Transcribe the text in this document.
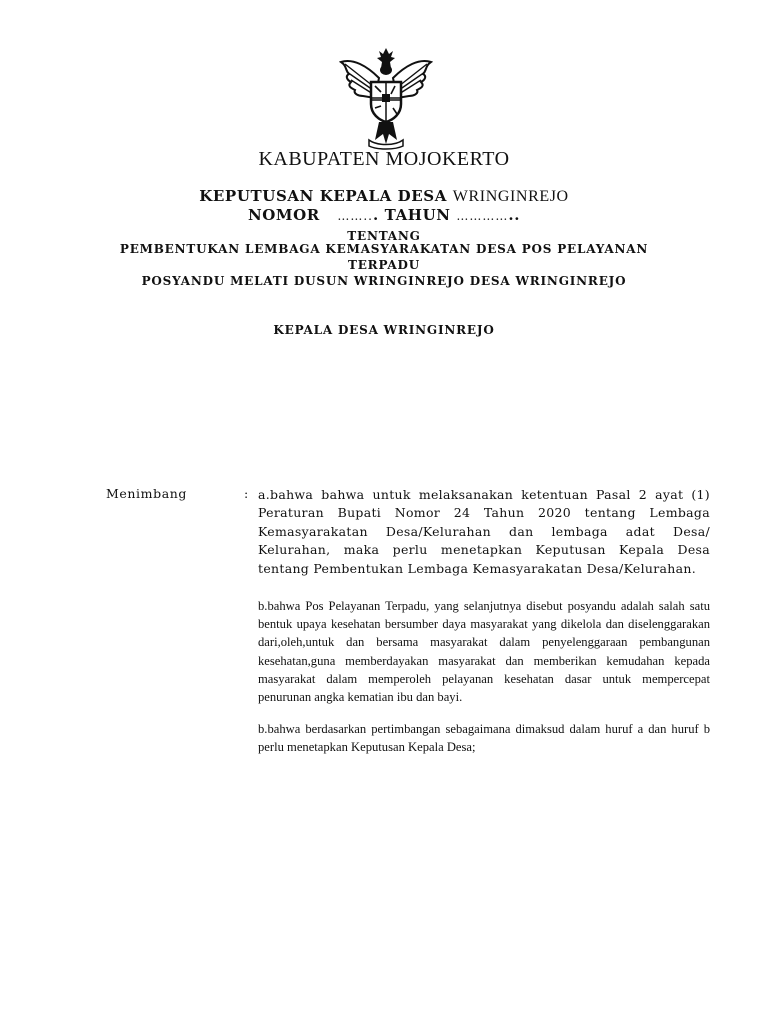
KABUPATEN MOJOKERTO
KEPUTUSAN KEPALA DESA WRINGINREJO
NOMOR ……... TAHUN …………..
TENTANG
PEMBENTUKAN LEMBAGA KEMASYARAKATAN DESA POS PELAYANAN
TERPADU
POSYANDU MELATI DUSUN WRINGINREJO DESA WRINGINREJO
KEPALA DESA WRINGINREJO
Menimbang	: a.bahwa bahwa untuk melaksanakan ketentuan Pasal 2 ayat (1) Peraturan Bupati Nomor 24 Tahun 2020 tentang Lembaga Kemasyarakatan Desa/Kelurahan dan lembaga adat Desa/ Kelurahan, maka perlu menetapkan Keputusan Kepala Desa tentang Pembentukan Lembaga Kemasyarakatan Desa/Kelurahan.
b.bahwa Pos Pelayanan Terpadu, yang selanjutnya disebut posyandu adalah salah satu bentuk upaya kesehatan bersumber daya masyarakat yang dikelola dan diselenggarakan dari,oleh,untuk dan bersama masyarakat dalam penyelenggaraan pembangunan kesehatan,guna memberdayakan masyarakat dan memberikan kemudahan kepada masyarakat dalam memperoleh pelayanan kesehatan dasar untuk mempercepat penurunan angka kematian ibu dan bayi.
b.bahwa berdasarkan pertimbangan sebagaimana dimaksud dalam huruf a dan huruf b perlu menetapkan Keputusan Kepala Desa;
